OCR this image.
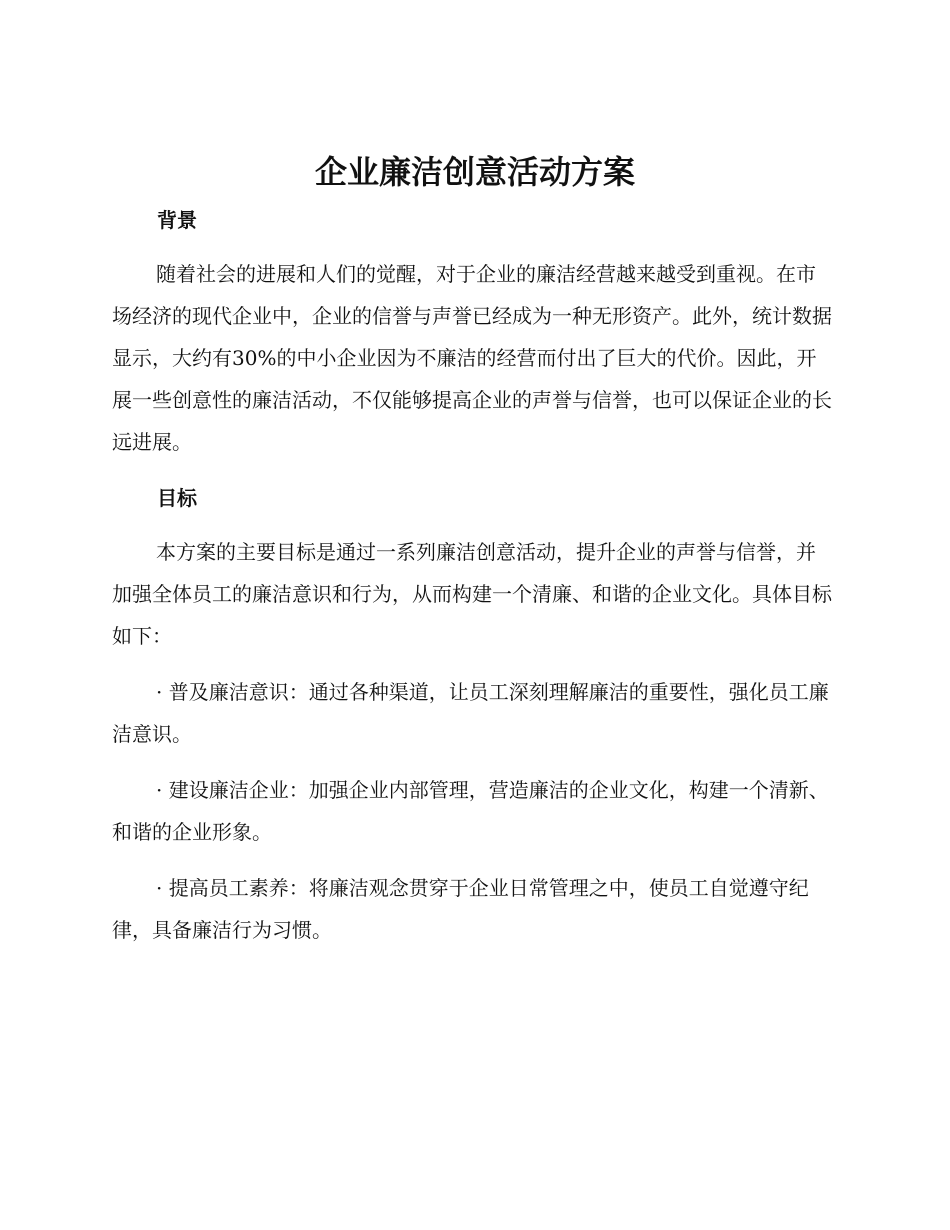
企业廉洁创意活动方案
背景

随着社会的进展和人们的觉醒，对于企业的廉洁经营越来越受到重视。在市场经济的现代企业中，企业的信誉与声誉已经成为一种无形资产。此外，统计数据显示，大约有30%的中小企业因为不廉洁的经营而付出了巨大的代价。因此，开展一些创意性的廉洁活动，不仅能够提高企业的声誉与信誉，也可以保证企业的长远进展。

目标

本方案的主要目标是通过一系列廉洁创意活动，提升企业的声誉与信誉，并加强全体员工的廉洁意识和行为，从而构建一个清廉、和谐的企业文化。具体目标如下：

· 普及廉洁意识：通过各种渠道，让员工深刻理解廉洁的重要性，强化员工廉洁意识。

· 建设廉洁企业：加强企业内部管理，营造廉洁的企业文化，构建一个清新、和谐的企业形象。

· 提高员工素养：将廉洁观念贯穿于企业日常管理之中，使员工自觉遵守纪律，具备廉洁行为习惯。
